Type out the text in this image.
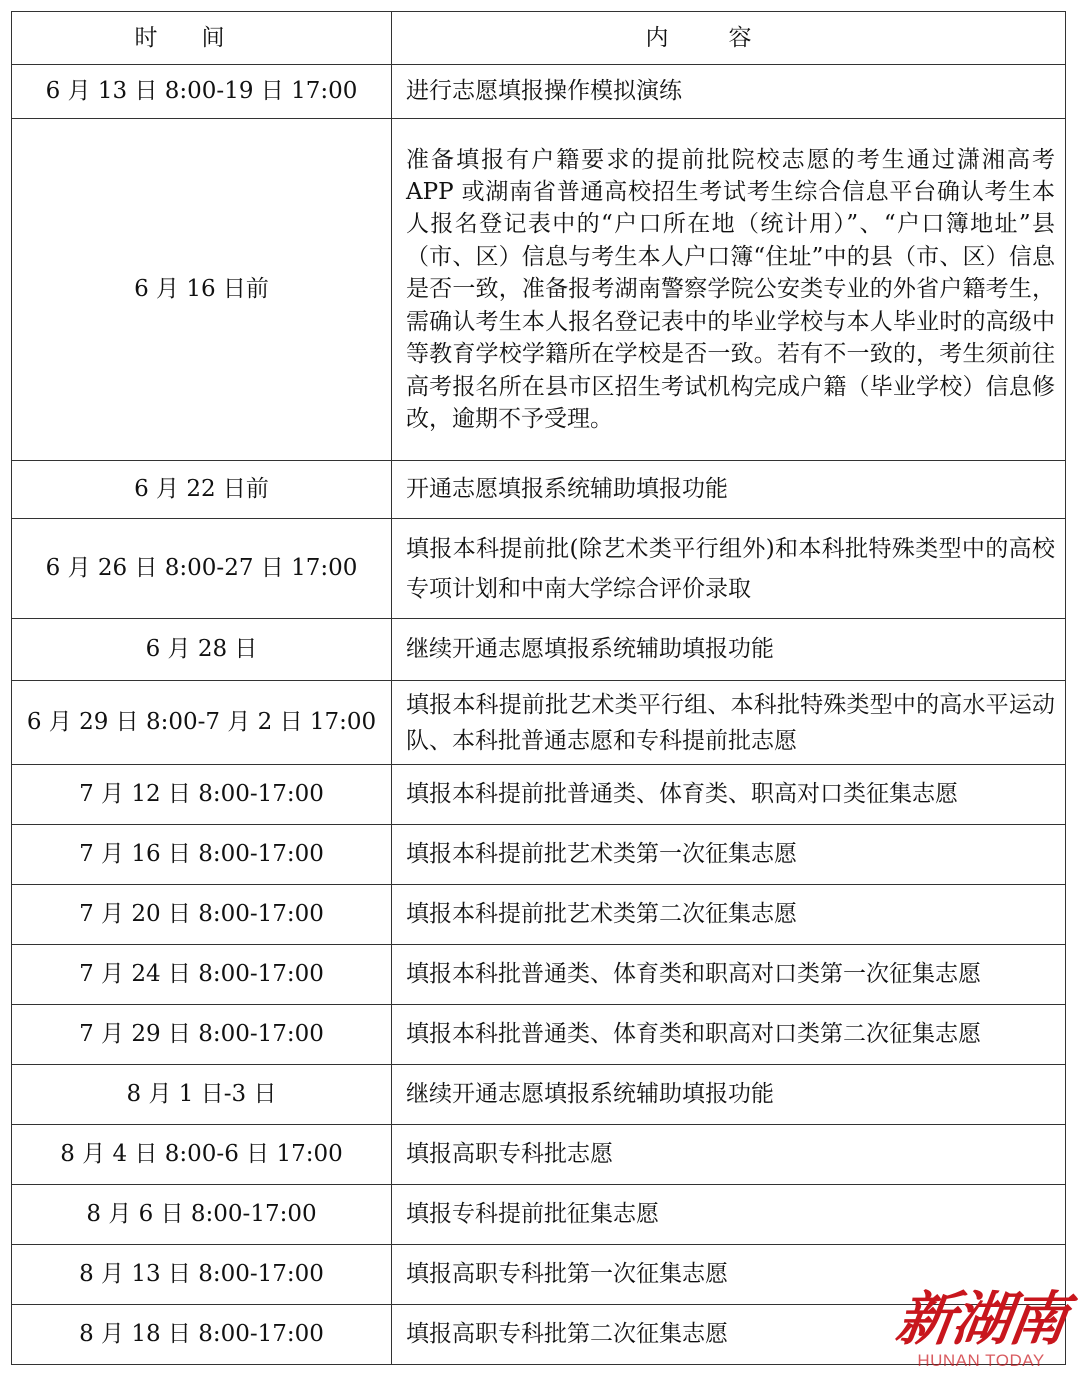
时间	内容
6 月 13 日 8:00-19 日 17:00	进行志愿填报操作模拟演练
6 月 16 日前	准备填报有户籍要求的提前批院校志愿的考生通过潇湘高考 APP 或湖南省普通高校招生考试考生综合信息平台确认考生本人报名登记表中的“户口所在地（统计用）”、“户口簿地址”县（市、区）信息与考生本人户口簿“住址”中的县（市、区）信息是否一致，准备报考湖南警察学院公安类专业的外省户籍考生，需确认考生本人报名登记表中的毕业学校与本人毕业时的高级中等教育学校学籍所在学校是否一致。若有不一致的，考生须前往高考报名所在县市区招生考试机构完成户籍（毕业学校）信息修改，逾期不予受理。
6 月 22 日前	开通志愿填报系统辅助填报功能
6 月 26 日 8:00-27 日 17:00	填报本科提前批(除艺术类平行组外)和本科批特殊类型中的高校专项计划和中南大学综合评价录取
6 月 28 日	继续开通志愿填报系统辅助填报功能
6 月 29 日 8:00-7 月 2 日 17:00	填报本科提前批艺术类平行组、本科批特殊类型中的高水平运动队、本科批普通志愿和专科提前批志愿
7 月 12 日 8:00-17:00	填报本科提前批普通类、体育类、职高对口类征集志愿
7 月 16 日 8:00-17:00	填报本科提前批艺术类第一次征集志愿
7 月 20 日 8:00-17:00	填报本科提前批艺术类第二次征集志愿
7 月 24 日 8:00-17:00	填报本科批普通类、体育类和职高对口类第一次征集志愿
7 月 29 日 8:00-17:00	填报本科批普通类、体育类和职高对口类第二次征集志愿
8 月 1 日-3 日	继续开通志愿填报系统辅助填报功能
8 月 4 日 8:00-6 日 17:00	填报高职专科批志愿
8 月 6 日 8:00-17:00	填报专科提前批征集志愿
8 月 13 日 8:00-17:00	填报高职专科批第一次征集志愿
8 月 18 日 8:00-17:00	填报高职专科批第二次征集志愿	新湖南
HUNAN TODAY
